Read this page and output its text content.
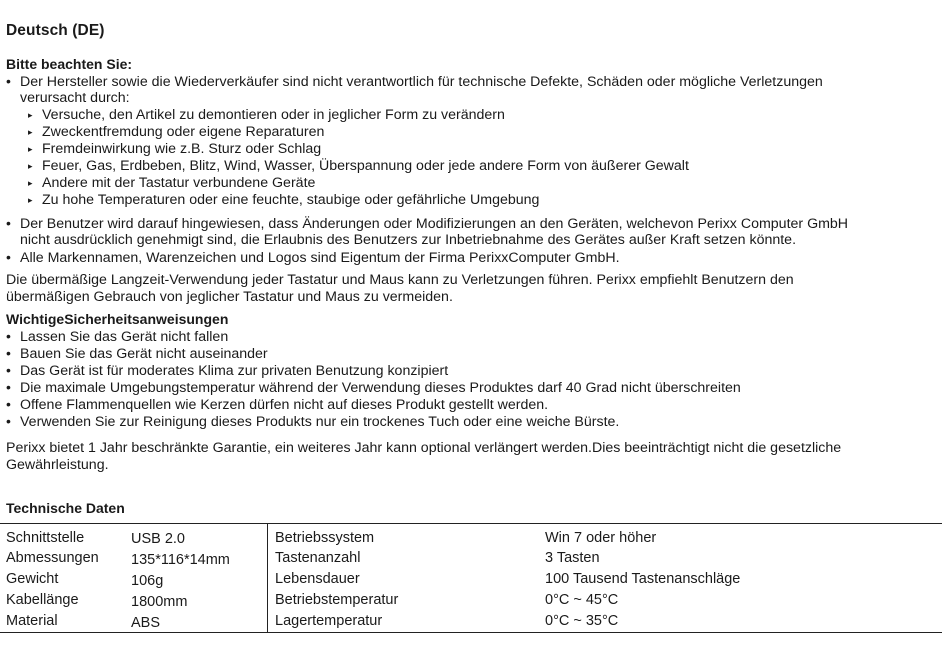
Deutsch (DE)
Bitte beachten Sie:
• Der Hersteller sowie die Wiederverkäufer sind nicht verantwortlich für technische Defekte, Schäden oder mögliche Verletzungen
verursacht durch:
▸ Versuche, den Artikel zu demontieren oder in jeglicher Form zu verändern
▸ Zweckentfremdung oder eigene Reparaturen
▸ Fremdeinwirkung wie z.B. Sturz oder Schlag
▸ Feuer, Gas, Erdbeben, Blitz, Wind, Wasser, Überspannung oder jede andere Form von äußerer Gewalt
▸ Andere mit der Tastatur verbundene Geräte
▸ Zu hohe Temperaturen oder eine feuchte, staubige oder gefährliche Umgebung
• Der Benutzer wird darauf hingewiesen, dass Änderungen oder Modifizierungen an den Geräten, welchevon Perixx Computer GmbH
nicht ausdrücklich genehmigt sind, die Erlaubnis des Benutzers zur Inbetriebnahme des Gerätes außer Kraft setzen könnte.
• Alle Markennamen, Warenzeichen und Logos sind Eigentum der Firma PerixxComputer GmbH.
Die übermäßige Langzeit-Verwendung jeder Tastatur und Maus kann zu Verletzungen führen. Perixx empfiehlt Benutzern den
übermäßigen Gebrauch von jeglicher Tastatur und Maus zu vermeiden.
WichtigeSicherheitsanweisungen
• Lassen Sie das Gerät nicht fallen
• Bauen Sie das Gerät nicht auseinander
• Das Gerät ist für moderates Klima zur privaten Benutzung konzipiert
• Die maximale Umgebungstemperatur während der Verwendung dieses Produktes darf 40 Grad nicht überschreiten
• Offene Flammenquellen wie Kerzen dürfen nicht auf dieses Produkt gestellt werden.
• Verwenden Sie zur Reinigung dieses Produkts nur ein trockenes Tuch oder eine weiche Bürste.
Perixx bietet 1 Jahr beschränkte Garantie, ein weiteres Jahr kann optional verlängert werden.Dies beeinträchtigt nicht die gesetzliche
Gewährleistung.
Technische Daten
Schnittstelle	USB 2.0
Abmessungen 135*116*14mm
Gewicht	106g
Kabellänge	1800mm
Material	ABS
Betriebssystem	Win 7 oder höher
Tastenanzahl	3 Tasten
Lebensdauer	100 Tausend Tastenanschläge
Betriebstemperatur	0°C ~ 45°C
Lagertemperatur	0°C ~ 35°C
